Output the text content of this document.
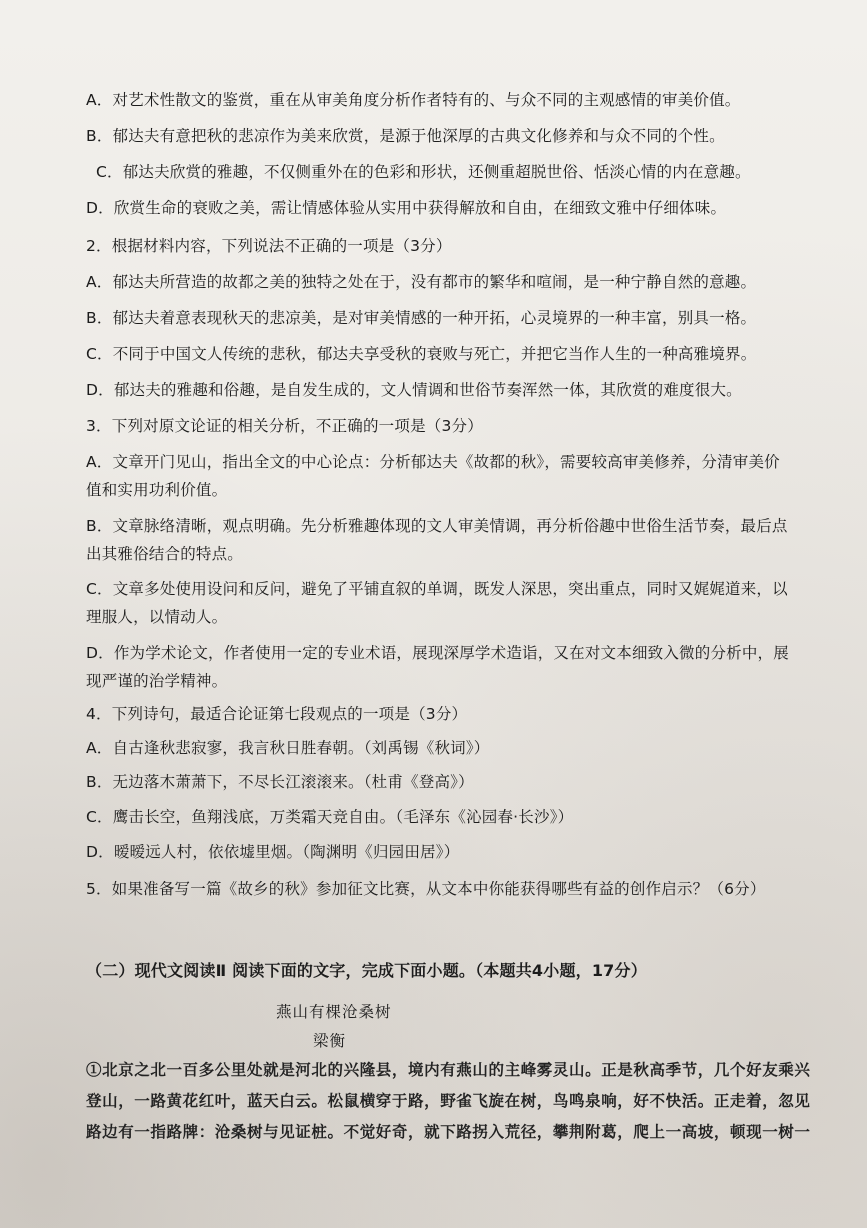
A．对艺术性散文的鉴赏，重在从审美角度分析作者特有的、与众不同的主观感情的审美价值。
B．郁达夫有意把秋的悲凉作为美来欣赏，是源于他深厚的古典文化修养和与众不同的个性。
C．郁达夫欣赏的雅趣，不仅侧重外在的色彩和形状，还侧重超脱世俗、恬淡心情的内在意趣。
D．欣赏生命的衰败之美，需让情感体验从实用中获得解放和自由，在细致文雅中仔细体味。
2．根据材料内容，下列说法不正确的一项是（3分）
A．郁达夫所营造的故都之美的独特之处在于，没有都市的繁华和喧闹，是一种宁静自然的意趣。
B．郁达夫着意表现秋天的悲凉美，是对审美情感的一种开拓，心灵境界的一种丰富，别具一格。
C．不同于中国文人传统的悲秋，郁达夫享受秋的衰败与死亡，并把它当作人生的一种高雅境界。
D．郁达夫的雅趣和俗趣，是自发生成的，文人情调和世俗节奏浑然一体，其欣赏的难度很大。
3．下列对原文论证的相关分析，不正确的一项是（3分）
A．文章开门见山，指出全文的中心论点：分析郁达夫《故都的秋》，需要较高审美修养，分清审美价
值和实用功利价值。
B．文章脉络清晰，观点明确。先分析雅趣体现的文人审美情调，再分析俗趣中世俗生活节奏，最后点
出其雅俗结合的特点。
C．文章多处使用设问和反问，避免了平铺直叙的单调，既发人深思，突出重点，同时又娓娓道来，以
理服人，以情动人。
D．作为学术论文，作者使用一定的专业术语，展现深厚学术造诣，又在对文本细致入微的分析中，展
现严谨的治学精神。
4．下列诗句，最适合论证第七段观点的一项是（3分）
A．自古逢秋悲寂寥，我言秋日胜春朝。（刘禹锡《秋词》）
B．无边落木萧萧下，不尽长江滚滚来。（杜甫《登高》）
C．鹰击长空，鱼翔浅底，万类霜天竞自由。（毛泽东《沁园春·长沙》）
D．暧暧远人村，依依墟里烟。（陶渊明《归园田居》）
5．如果准备写一篇《故乡的秋》参加征文比赛，从文本中你能获得哪些有益的创作启示？（6分）
（二）现代文阅读Ⅱ 阅读下面的文字，完成下面小题。（本题共4小题，17分）
燕山有棵沧桑树
梁衡
①北京之北一百多公里处就是河北的兴隆县，境内有燕山的主峰雾灵山。正是秋高季节，几个好友乘兴
登山，一路黄花红叶，蓝天白云。松鼠横穿于路，野雀飞旋在树，鸟鸣泉响，好不快活。正走着，忽见
路边有一指路牌：沧桑树与见证桩。不觉好奇，就下路拐入荒径，攀荆附葛，爬上一高坡，顿现一树一
